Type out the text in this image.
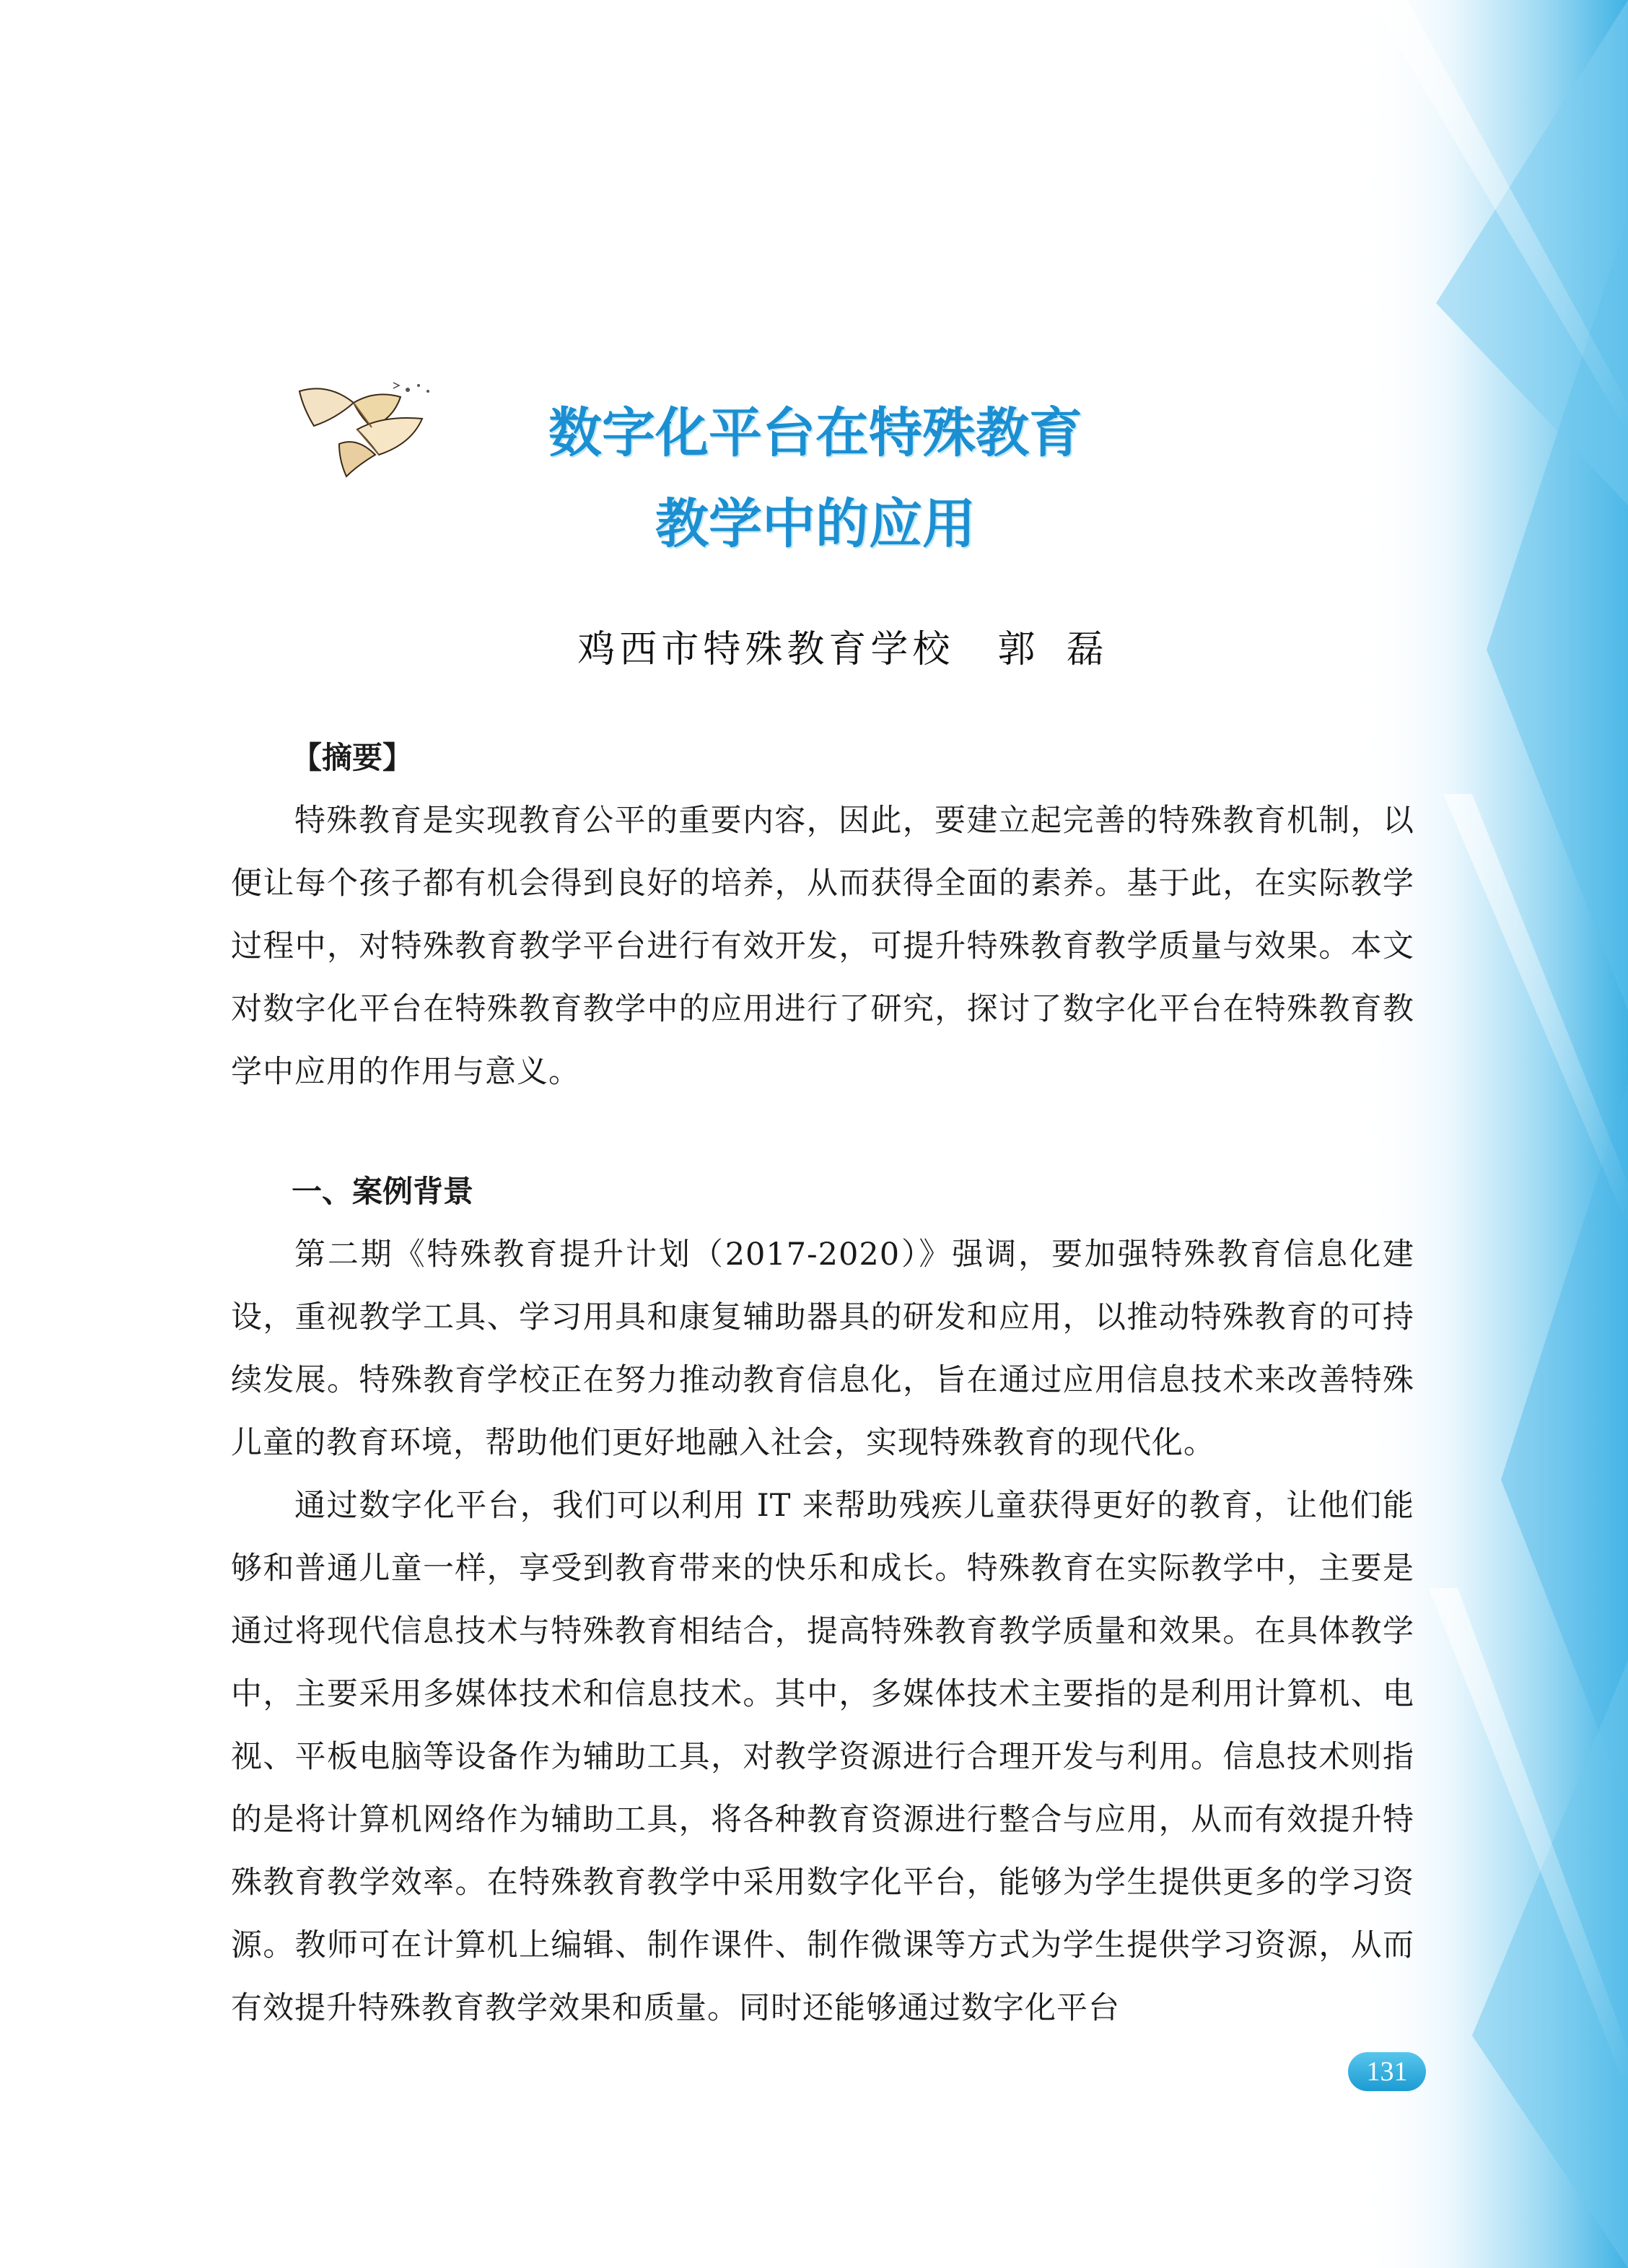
数字化平台在特殊教育
教学中的应用
鸡西市特殊教育学校 郭 磊

【摘要】

特殊教育是实现教育公平的重要内容，因此，要建立起完善的特殊教育机制，以便让每个孩子都有机会得到良好的培养，从而获得全面的素养。基于此，在实际教学过程中，对特殊教育教学平台进行有效开发，可提升特殊教育教学质量与效果。本文对数字化平台在特殊教育教学中的应用进行了研究，探讨了数字化平台在特殊教育教学中应用的作用与意义。

一、案例背景

第二期《特殊教育提升计划（2017-2020）》强调，要加强特殊教育信息化建设，重视教学工具、学习用具和康复辅助器具的研发和应用，以推动特殊教育的可持续发展。特殊教育学校正在努力推动教育信息化，旨在通过应用信息技术来改善特殊儿童的教育环境，帮助他们更好地融入社会，实现特殊教育的现代化。

通过数字化平台，我们可以利用 IT 来帮助残疾儿童获得更好的教育，让他们能够和普通儿童一样，享受到教育带来的快乐和成长。特殊教育在实际教学中，主要是通过将现代信息技术与特殊教育相结合，提高特殊教育教学质量和效果。在具体教学中，主要采用多媒体技术和信息技术。其中，多媒体技术主要指的是利用计算机、电视、平板电脑等设备作为辅助工具，对教学资源进行合理开发与利用。信息技术则指的是将计算机网络作为辅助工具，将各种教育资源进行整合与应用，从而有效提升特殊教育教学效率。在特殊教育教学中采用数字化平台，能够为学生提供更多的学习资源。教师可在计算机上编辑、制作课件、制作微课等方式为学生提供学习资源，从而有效提升特殊教育教学效果和质量。同时还能够通过数字化平台

131
